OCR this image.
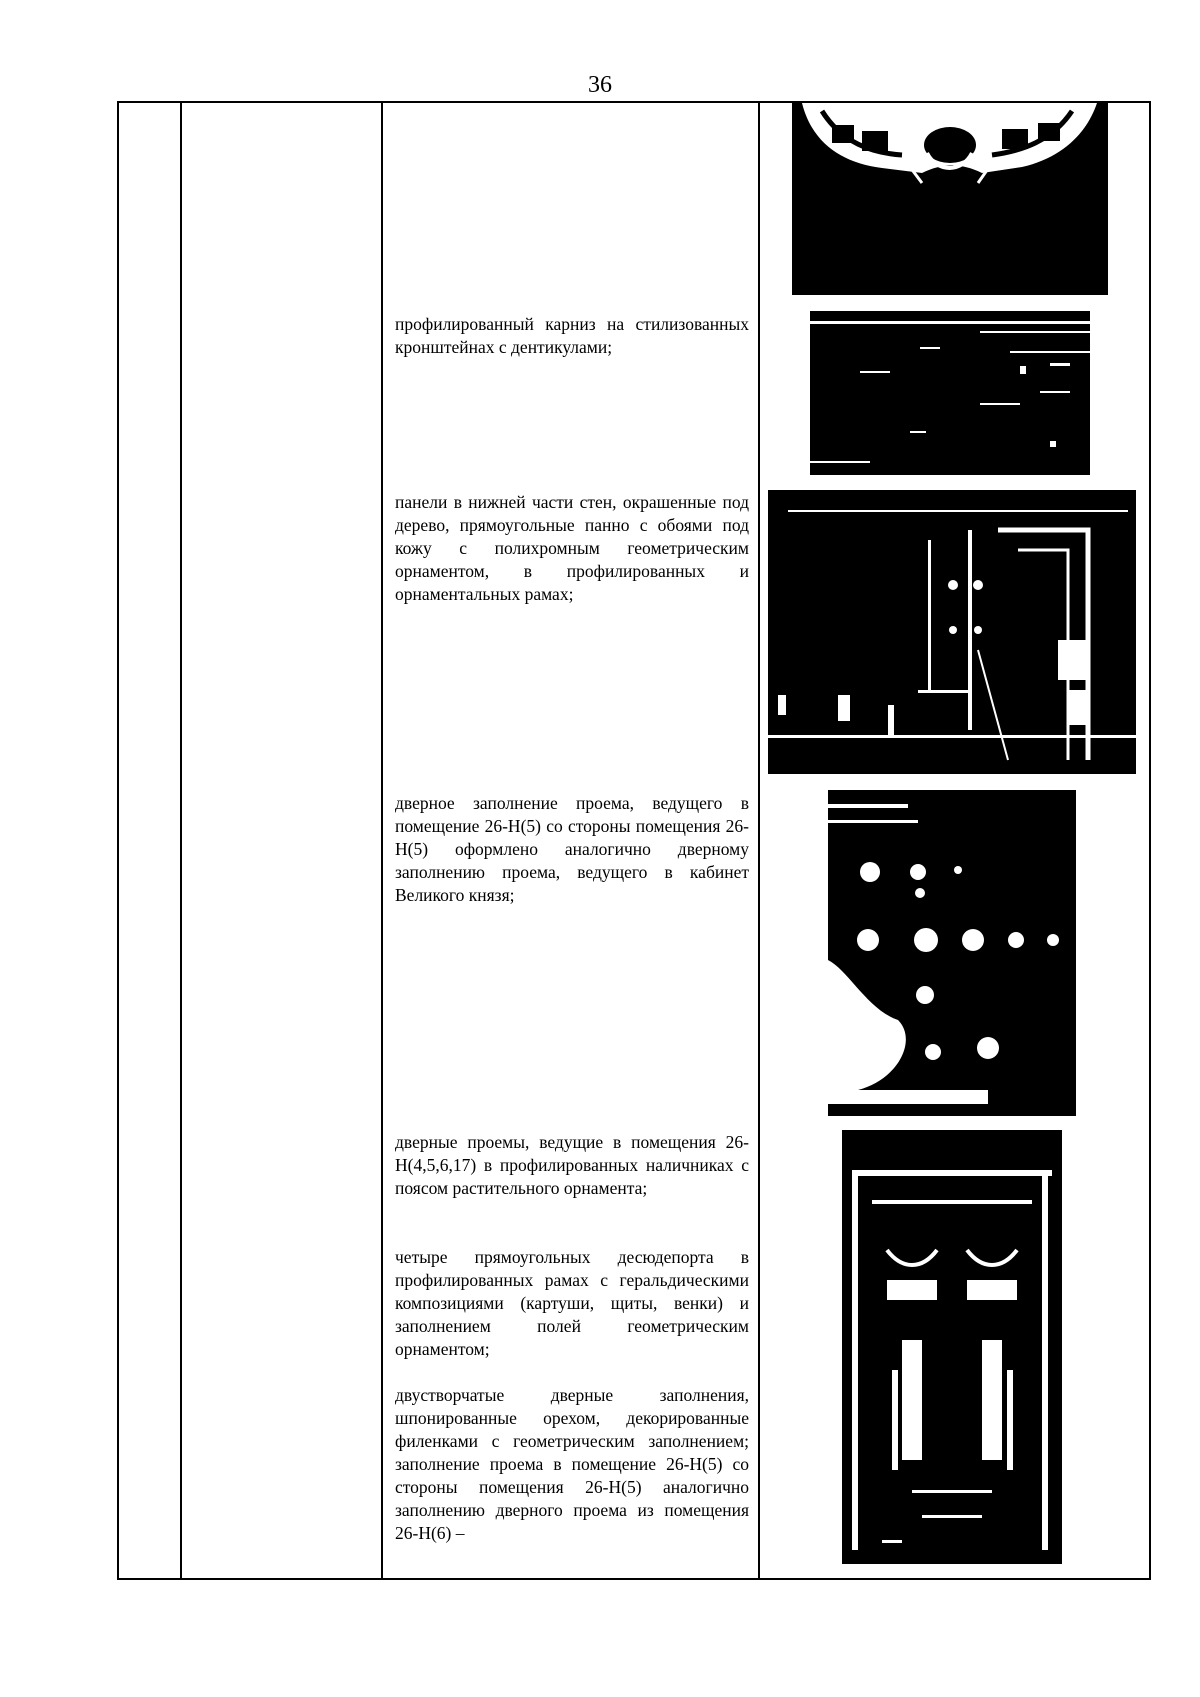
36
профилированный карниз на стилизованных кронштейнах с дентикулами;
панели в нижней части стен, окрашенные под дерево, прямоугольные панно с обоями под кожу с полихромным геометрическим орнаментом, в профилированных и орнаментальных рамах;
дверное заполнение проема, ведущего в помещение 26-Н(5) со стороны помещения 26-Н(5) оформлено аналогично дверному заполнению проема, ведущего в кабинет Великого князя;
дверные проемы, ведущие в помещения 26-Н(4,5,6,17) в профилированных наличниках с поясом растительного орнамента;
четыре прямоугольных десюдепорта в профилированных рамах с геральдическими композициями (картуши, щиты, венки) и заполнением полей геометрическим орнаментом;
двустворчатые дверные заполнения, шпонированные орехом, декорированные филенками с геометрическим заполнением; заполнение проема в помещение 26-Н(5) со стороны помещения 26-Н(5) аналогично заполнению дверного проема из помещения 26-Н(6) –
